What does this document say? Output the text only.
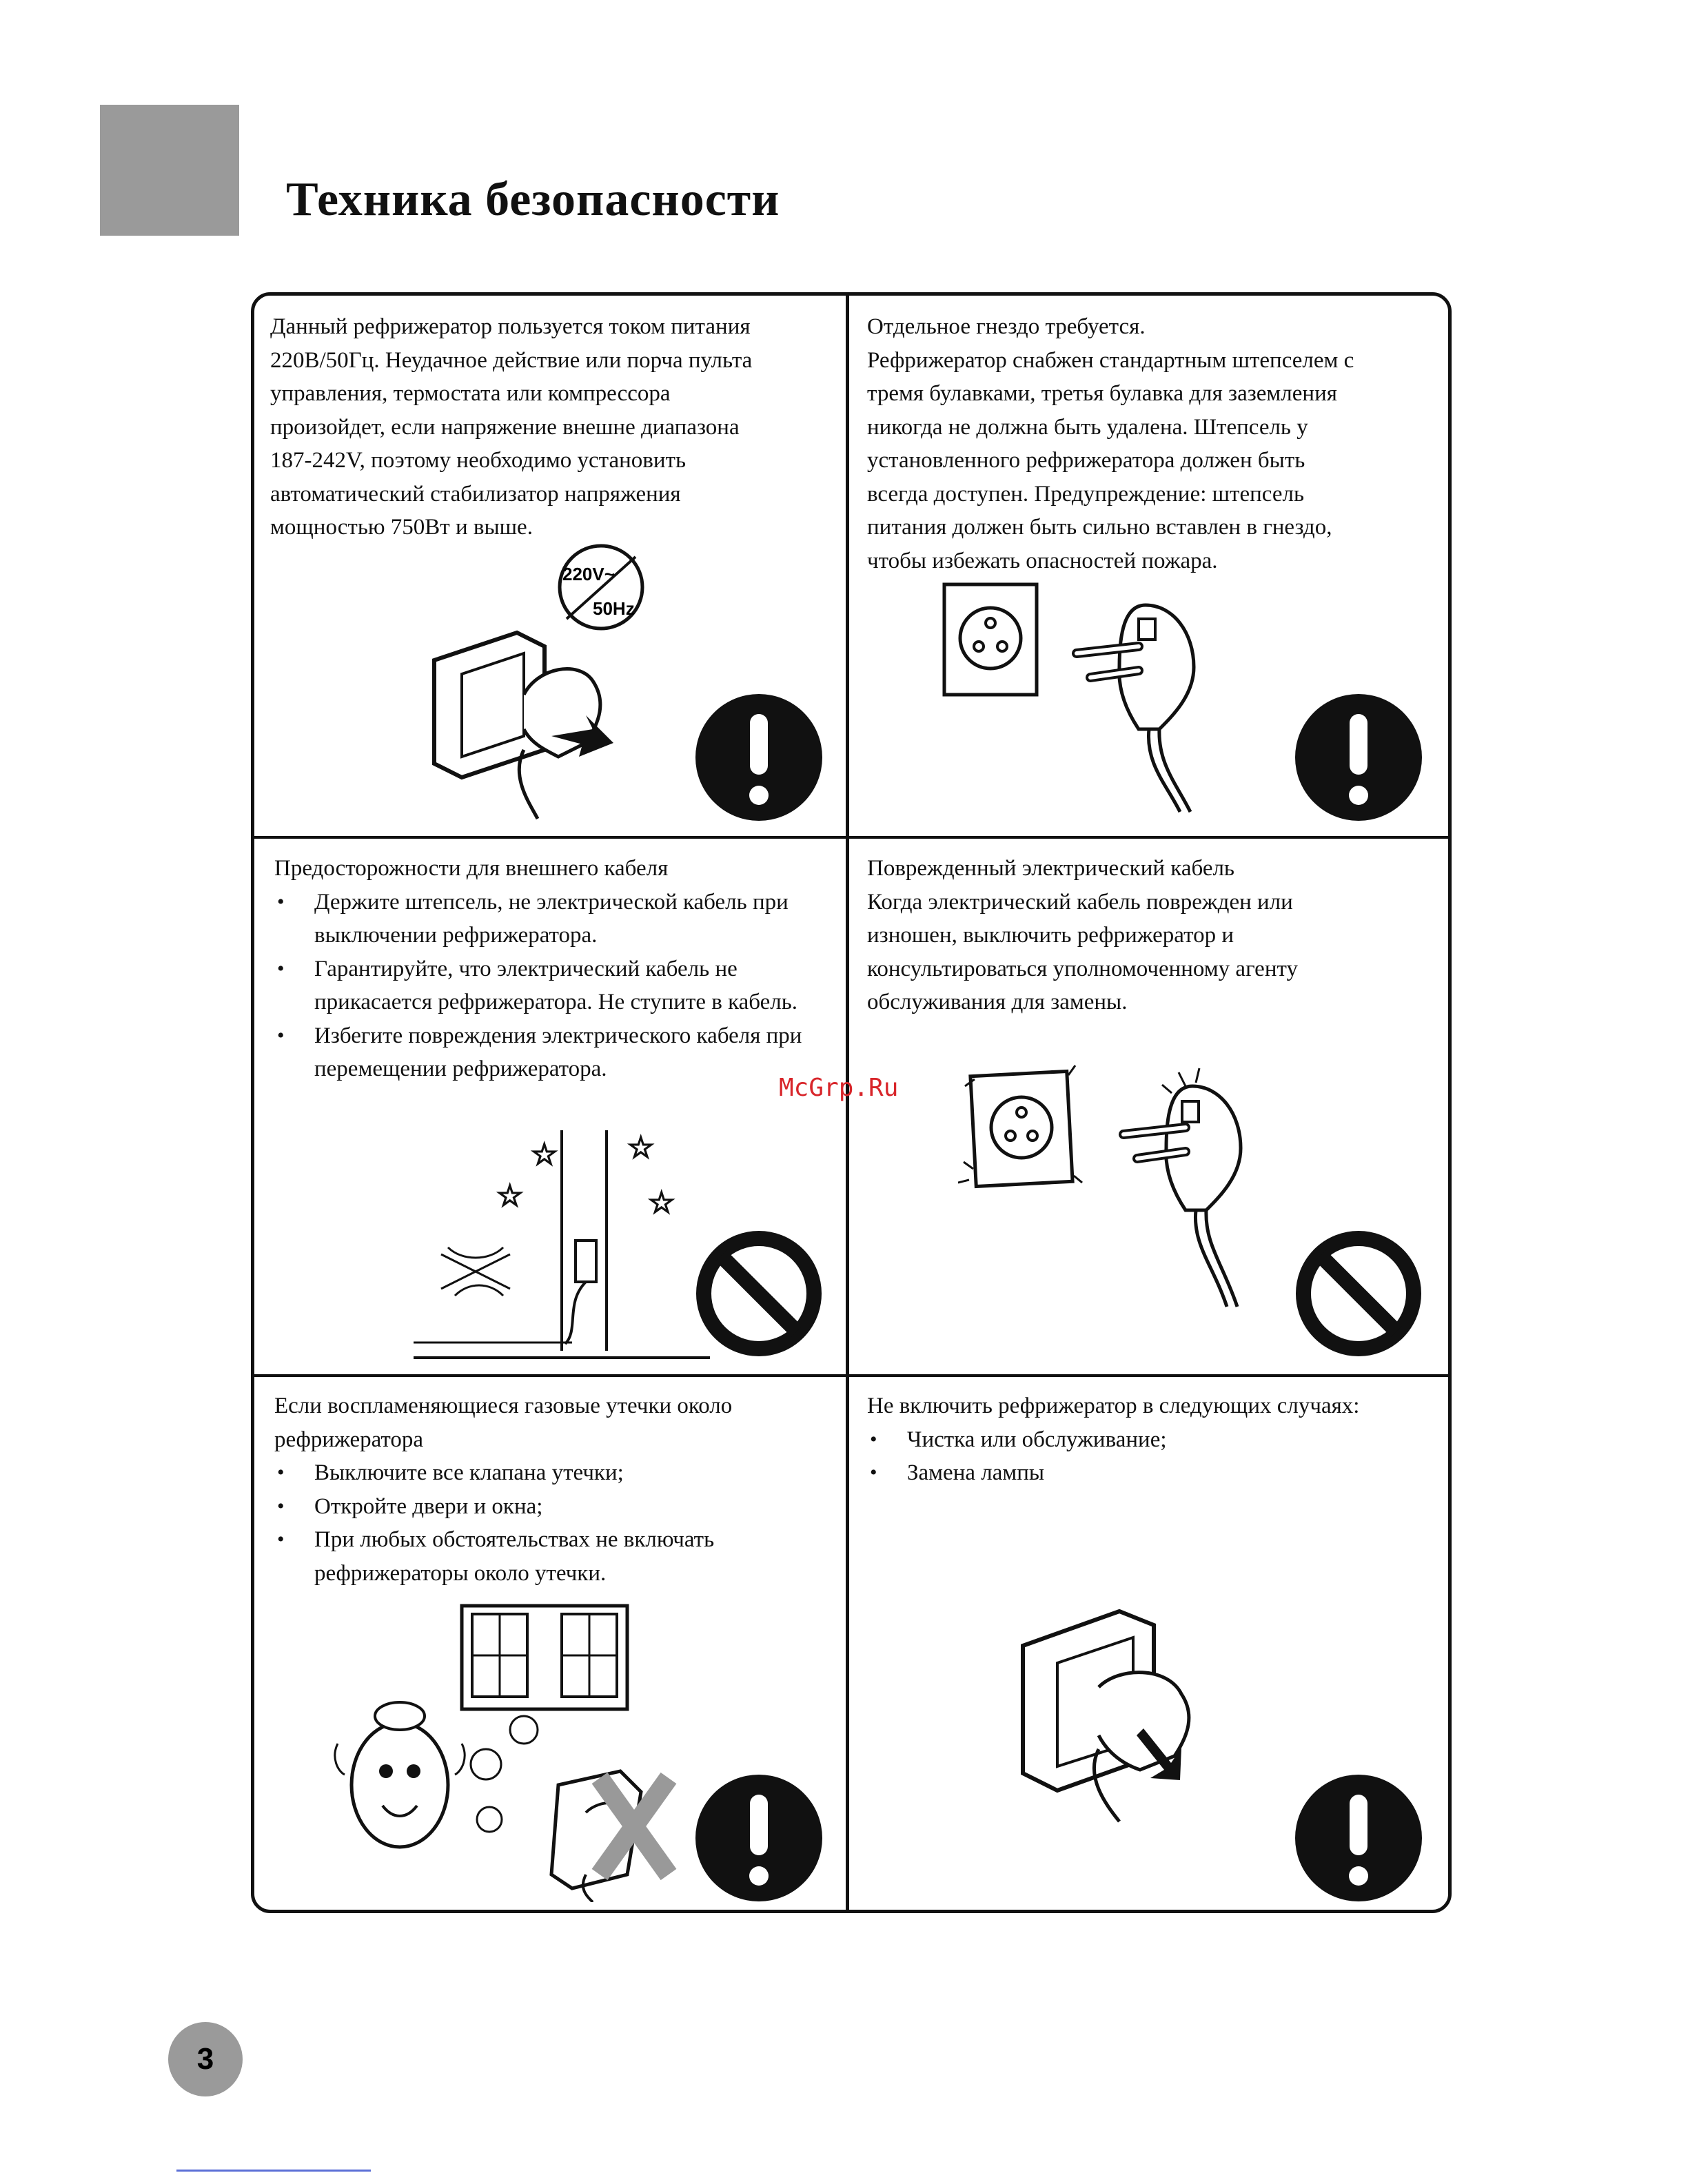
Техника безопасности

Данный рефрижератор пользуется током питания

220В/50Гц. Неудачное действие или порча пульта

управления, термостата или компрессора

произойдет, если напряжение внешне диапазона

187-242V, поэтому необходимо установить

автоматический стабилизатор напряжения

мощностью 750Вт и выше.

220V~
50Hz

Отдельное гнездо требуется.

Рефрижератор снабжен стандартным штепселем с

тремя булавками, третья булавка для заземления

никогда не должна быть удалена. Штепсель у

установленного рефрижератора должен быть

всегда доступен. Предупреждение: штепсель

питания должен быть сильно вставлен в гнездо,

чтобы избежать опасностей пожара.

Предосторожности для внешнего кабеля

• Держите штепсель, не электрической кабель при выключении рефрижератора.
• Гарантируйте, что электрический кабель не прикасается рефрижератора. Не ступите в кабель.
• Избегите повреждения электрического кабеля при перемещении рефрижератора.
☆ ☆
☆	☆

Поврежденный электрический кабель

Когда электрический кабель поврежден или

изношен, выключить рефрижератор и

консультироваться уполномоченному агенту

обслуживания для замены.

Если воспламеняющиеся газовые утечки около рефрижератора

• Выключите все клапана утечки;
• Откройте двери и окна;
• При любых обстоятельствах не включать рефрижераторы около утечки.

Не включить рефрижератор в следующих случаях:

• Чистка или обслуживание;
• Замена лампы
McGrp.Ru
3
